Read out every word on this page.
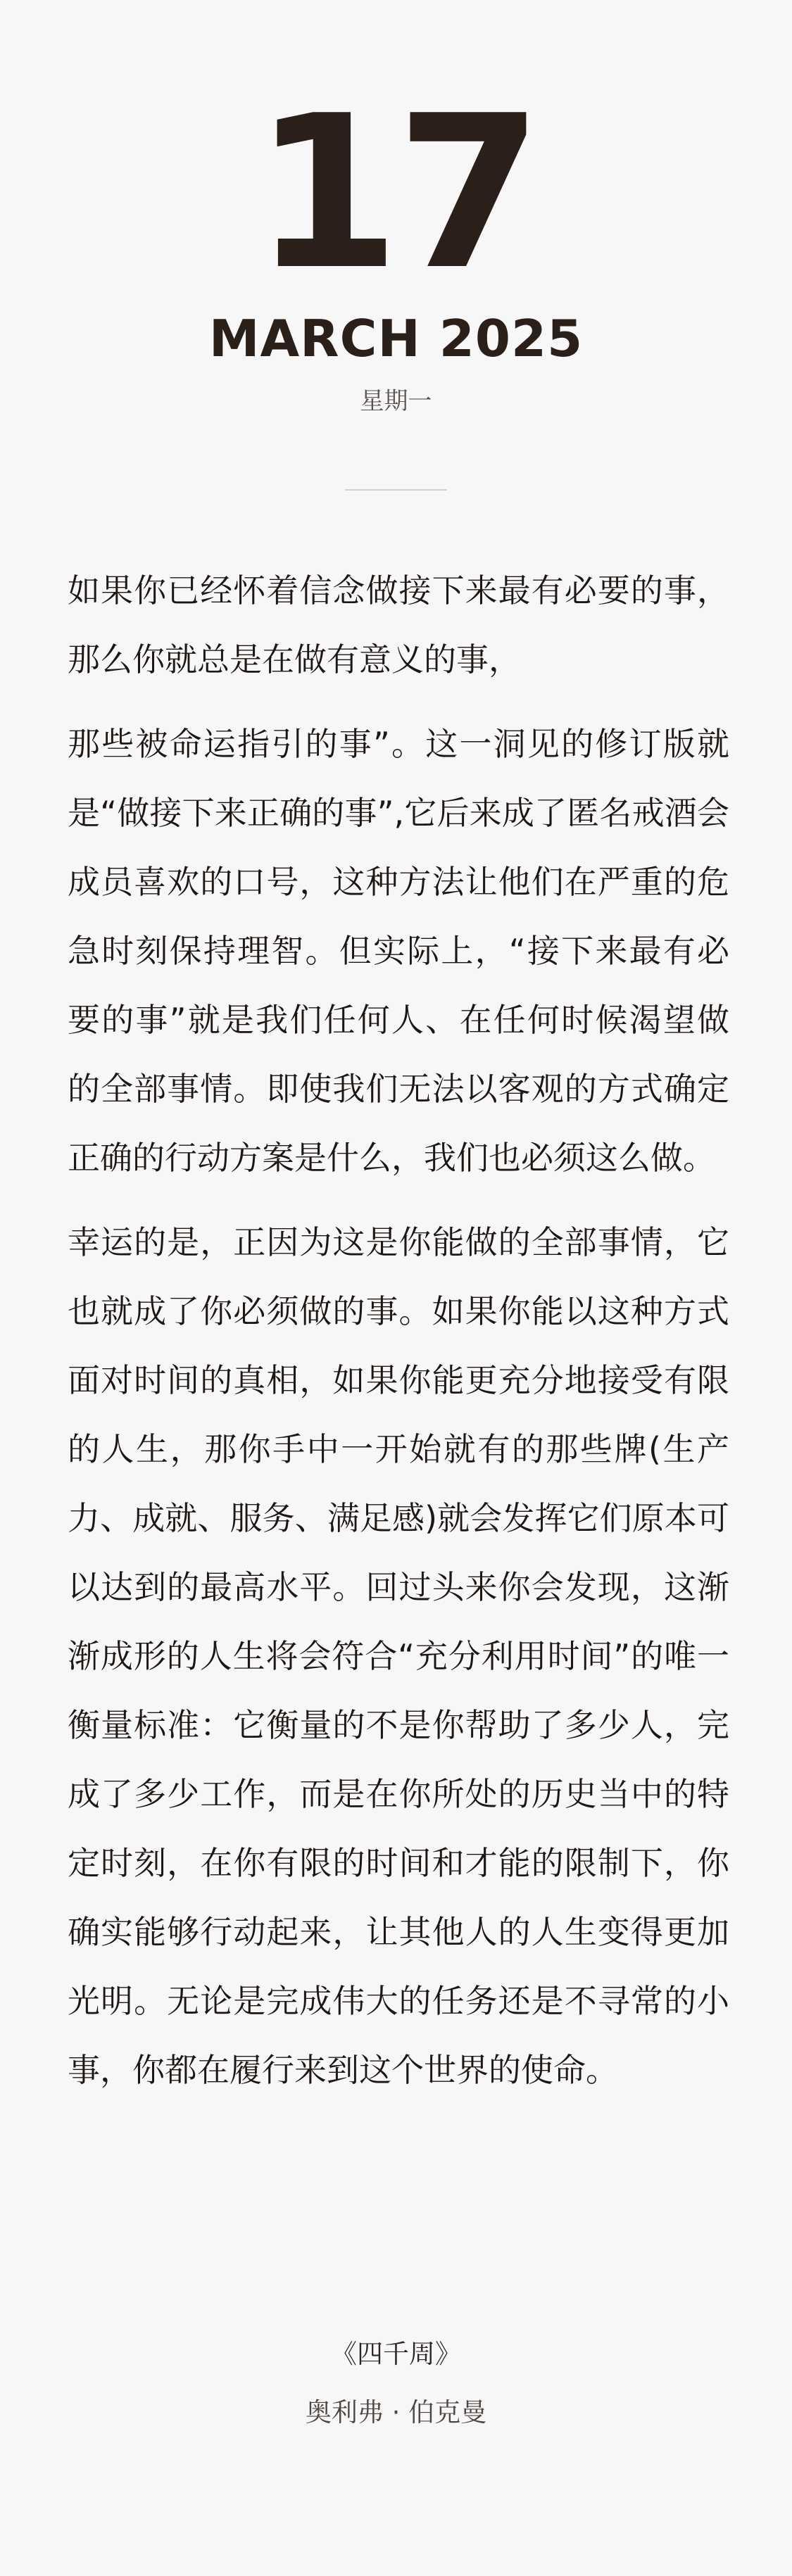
17
MARCH 2025
星期一

如果你已经怀着信念做接下来最有必要的事，那么你就总是在做有意义的事，

那些被命运指引的事”。这一洞见的修订版就是“做接下来正确的事”,它后来成了匿名戒酒会成员喜欢的口号，这种方法让他们在严重的危急时刻保持理智。但实际上，“接下来最有必要的事”就是我们任何人、在任何时候渴望做的全部事情。即使我们无法以客观的方式确定正确的行动方案是什么，我们也必须这么做。

幸运的是，正因为这是你能做的全部事情，它也就成了你必须做的事。如果你能以这种方式面对时间的真相，如果你能更充分地接受有限的人生，那你手中一开始就有的那些牌(生产力、成就、服务、满足感)就会发挥它们原本可以达到的最高水平。回过头来你会发现，这渐渐成形的人生将会符合“充分利用时间”的唯一衡量标准：它衡量的不是你帮助了多少人，完成了多少工作，而是在你所处的历史当中的特定时刻，在你有限的时间和才能的限制下，你确实能够行动起来，让其他人的人生变得更加光明。无论是完成伟大的任务还是不寻常的小事，你都在履行来到这个世界的使命。

《四千周》
奥利弗 · 伯克曼
